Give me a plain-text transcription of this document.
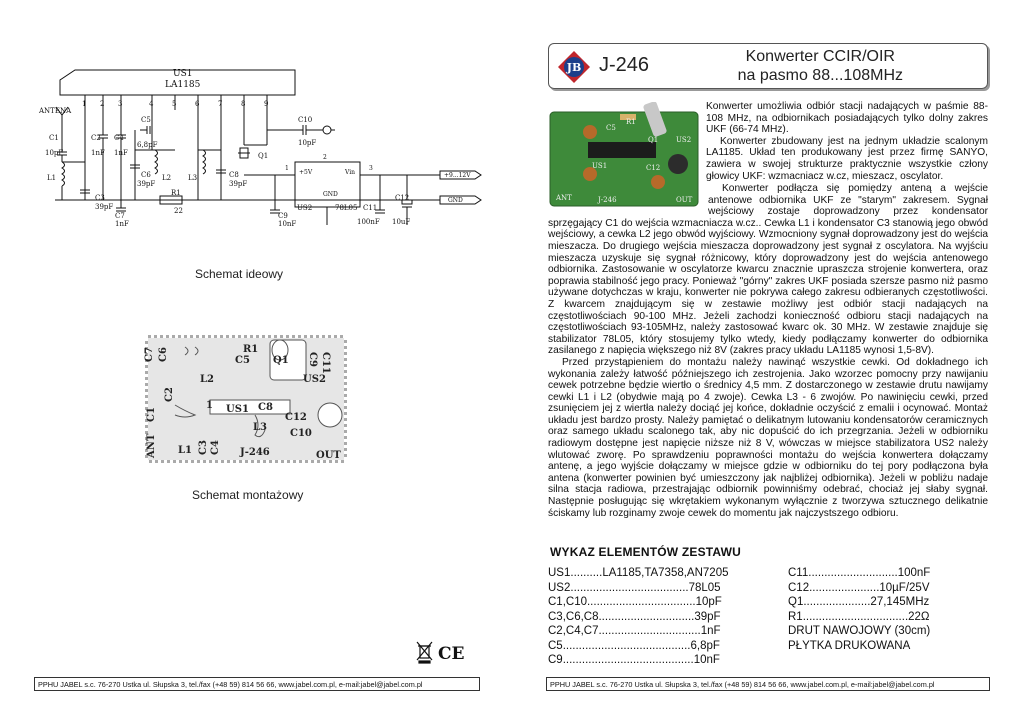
US1
LA1185
ANTENA
1 2 3	4	5	6	7	8	9
C1
10pF
C2
1nF
C4
1nF
C5
6,8pF
L1
C3
39pF
C7
1nF
C6
39pF
L2
R1
22
L3	C8
39pF
Q1
C10
10pF
C9
10nF
US2	78L05
+5V	Vin
GND
1
2
3
C11
100nF
C12
10uF
+9...12V
GND
Schemat ideowy
C7 C6	R1
C5 Q1 C9 C11
US2
L2
C2
C1
L1 C3 C4
US1 C8
L3
C12
C10
ANT	J-246	OUT
1
Schemat montażowy
CE
PPHU JABEL s.c. 76-270 Ustka ul. Słupska 3, tel./fax (+48 59) 814 56 66, www.jabel.com.pl, e-mail:jabel@jabel.com.pl
JB J-246	Konwerter CCIR/OIR
na pasmo 88...108MHz
C5
R1
Q1
US1	C12
ANT	J-246	OUT
US2

Konwerter umożliwia odbiór stacji nadających w paśmie 88-108 MHz, na odbiornikach posiadających tylko dolny zakres UKF (66-74 MHz).

Konwerter zbudowany jest na jednym układzie scalonym LA1185. Układ ten produkowany jest przez firmę SANYO, zawiera w swojej strukturze praktycznie wszystkie człony głowicy UKF: wzmacniacz w.cz, mieszacz, oscylator.

Konwerter podłącza się pomiędzy anteną a wejście antenowe odbiornika UKF ze "starym" zakresem. Sygnał wejściowy zostaje doprowadzony przez kondensator sprzęgający C1 do wejścia wzmacniacza w.cz.. Cewka L1 i kondensator C3 stanowią jego obwód wejściowy, a cewka L2 jego obwód wyjściowy. Wzmocniony sygnał doprowadzony jest do wejścia mieszacza. Do drugiego wejścia mieszacza doprowadzony jest sygnał z oscylatora. Na wyjściu mieszacza uzyskuje się sygnał różnicowy, który doprowadzony jest do wejścia antenowego odbiornika. Zastosowanie w oscylatorze kwarcu znacznie upraszcza strojenie konwertera, oraz poprawia stabilność jego pracy. Ponieważ "górny" zakres UKF posiada szersze pasmo niż pasmo używane dotychczas w kraju, konwerter nie pokrywa całego zakresu odbieranych częstotliwości. Z kwarcem znajdującym się w zestawie możliwy jest odbiór stacji nadających na częstotliwościach 90-100 MHz. Jeżeli zachodzi konieczność odbioru stacji nadających na częstotliwościach 93-105MHz, należy zastosować kwarc ok. 30 MHz. W zestawie znajduje się stabilizator 78L05, który stosujemy tylko wtedy, kiedy podłączamy konwerter do odbiornika zasilanego z napięcia większego niż 8V (zakres pracy układu LA1185 wynosi 1,5-8V).

Przed przystąpieniem do montażu należy nawinąć wszystkie cewki. Od dokładnego ich wykonania zależy łatwość późniejszego ich zestrojenia. Jako wzorzec pomocny przy nawijaniu cewek potrzebne będzie wiertło o średnicy 4,5 mm. Z dostarczonego w zestawie drutu nawijamy cewki L1 i L2 (obydwie mają po 4 zwoje). Cewka L3 - 6 zwojów. Po nawinięciu cewki, przed zsunięciem jej z wiertła należy dociąć jej końce, dokładnie oczyścić z emalii i ocynować. Montaż układu jest bardzo prosty. Należy pamiętać o delikatnym lutowaniu kondensatorów ceramicznych oraz samego układu scalonego tak, aby nic dopuścić do ich przegrzania. Jeżeli w odbiorniku radiowym dostępne jest napięcie niższe niż 8 V, wówczas w miejsce stabilizatora US2 należy wlutować zworę. Po sprawdzeniu poprawności montażu do wejścia konwertera dołączamy antenę, a jego wyjście dołączamy w miejsce gdzie w odbiorniku do tej pory podłączona była antena (konwerter powinien być umieszczony jak najbliżej odbiornika). Jeżeli w pobliżu nadaje silna stacja radiowa, przestrajając odbiornik powinniśmy odebrać, chociaż jej słaby sygnał. Następnie posługując się wkrętakiem wykonanym wyłącznie z tworzywa sztucznego delikatnie ściskamy lub rozginamy zwoje cewek do momentu jak najczystszego odbioru.

WYKAZ ELEMENTÓW ZESTAWU
US1..........LA1185,TA7358,AN7205
US2.....................................78L05
C1,C10..................................10pF
C3,C6,C8..............................39pF
C2,C4,C7................................1nF
C5........................................6,8pF
C9.........................................10nF
C11............................100nF
C12......................10µF/25V
Q1.....................27,145MHz
R1.................................22Ω
DRUT NAWOJOWY (30cm)
PŁYTKA DRUKOWANA
PPHU JABEL s.c. 76-270 Ustka ul. Słupska 3, tel./fax (+48 59) 814 56 66, www.jabel.com.pl, e-mail:jabel@jabel.com.pl
